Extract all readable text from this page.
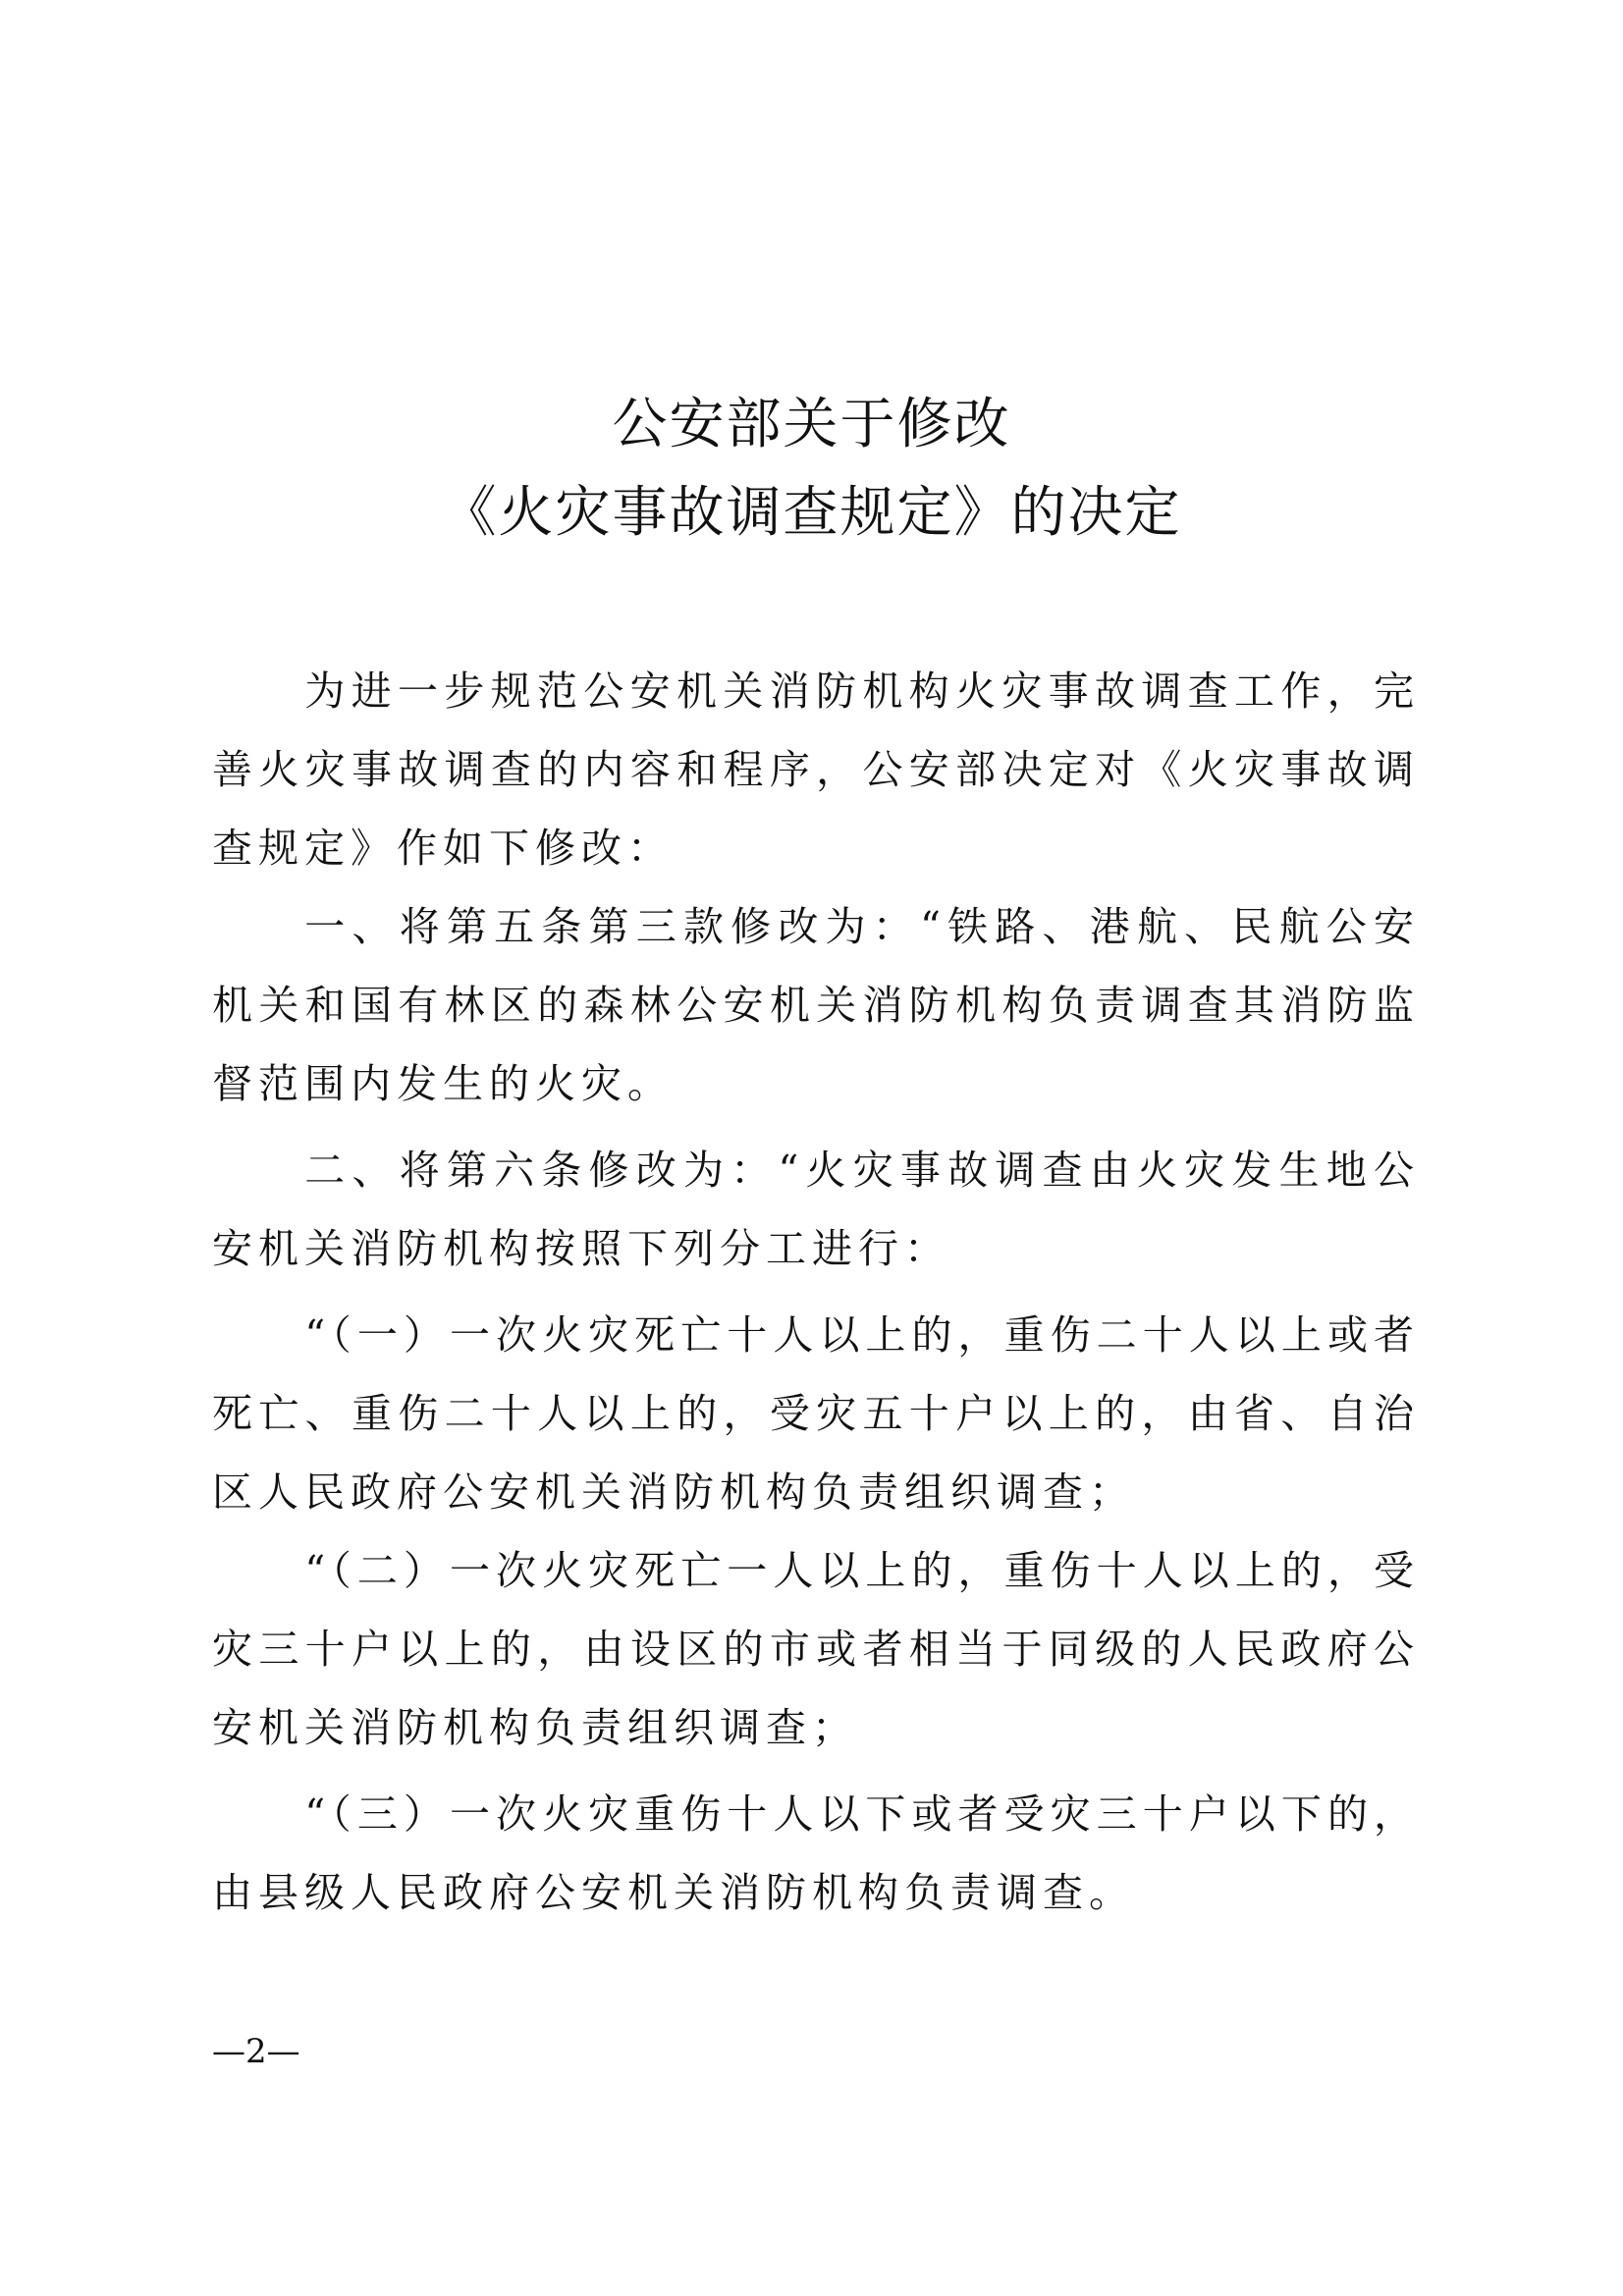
公安部关于修改
《火灾事故调查规定》的决定

为进一步规范公安机关消防机构火灾事故调查工作，完善火灾事故调查的内容和程序，公安部决定对《火灾事故调查规定》作如下修改：

一、将第五条第三款修改为：“铁路、港航、民航公安机关和国有林区的森林公安机关消防机构负责调查其消防监督范围内发生的火灾。

二、将第六条修改为：“火灾事故调查由火灾发生地公安机关消防机构按照下列分工进行：

“（一）一次火灾死亡十人以上的，重伤二十人以上或者死亡、重伤二十人以上的，受灾五十户以上的，由省、自治区人民政府公安机关消防机构负责组织调查；

“（二）一次火灾死亡一人以上的，重伤十人以上的，受灾三十户以上的，由设区的市或者相当于同级的人民政府公安机关消防机构负责组织调查；

“（三）一次火灾重伤十人以下或者受灾三十户以下的，由县级人民政府公安机关消防机构负责调查。

—2—
